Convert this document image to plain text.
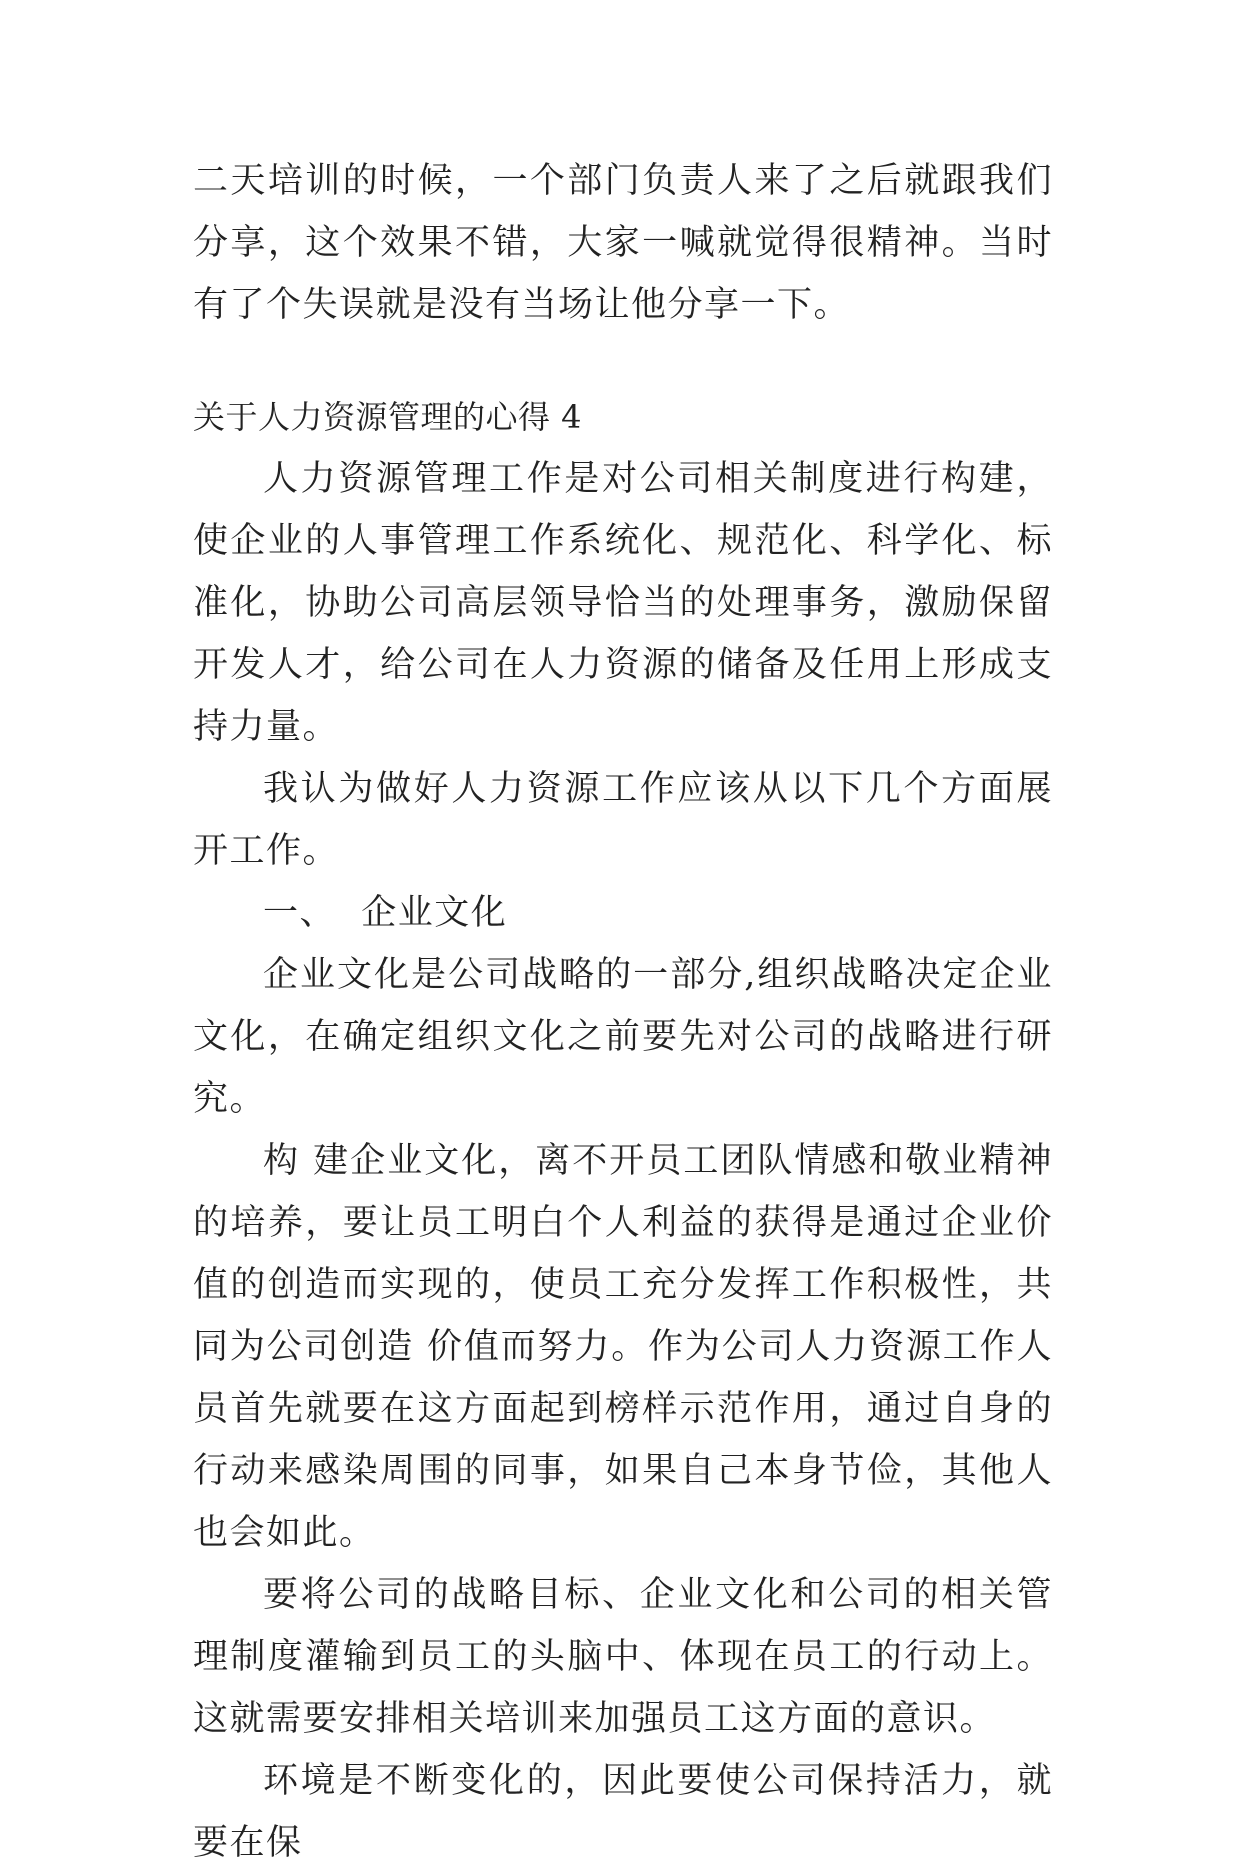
二天培训的时候，一个部门负责人来了之后就跟我们分享，这个效果不错，大家一喊就觉得很精神。当时有了个失误就是没有当场让他分享一下。

关于人力资源管理的心得 4

人力资源管理工作是对公司相关制度进行构建，使企业的人事管理工作系统化、规范化、科学化、标准化，协助公司高层领导恰当的处理事务，激励保留开发人才，给公司在人力资源的储备及任用上形成支持力量。

我认为做好人力资源工作应该从以下几个方面展开工作。

一、  企业文化

企业文化是公司战略的一部分,组织战略决定企业文化，在确定组织文化之前要先对公司的战略进行研究。

构 建企业文化，离不开员工团队情感和敬业精神的培养，要让员工明白个人利益的获得是通过企业价值的创造而实现的，使员工充分发挥工作积极性，共同为公司创造 价值而努力。作为公司人力资源工作人员首先就要在这方面起到榜样示范作用，通过自身的行动来感染周围的同事，如果自己本身节俭，其他人也会如此。

要将公司的战略目标、企业文化和公司的相关管理制度灌输到员工的头脑中、体现在员工的行动上。这就需要安排相关培训来加强员工这方面的意识。

环境是不断变化的，因此要使公司保持活力，就要在保
